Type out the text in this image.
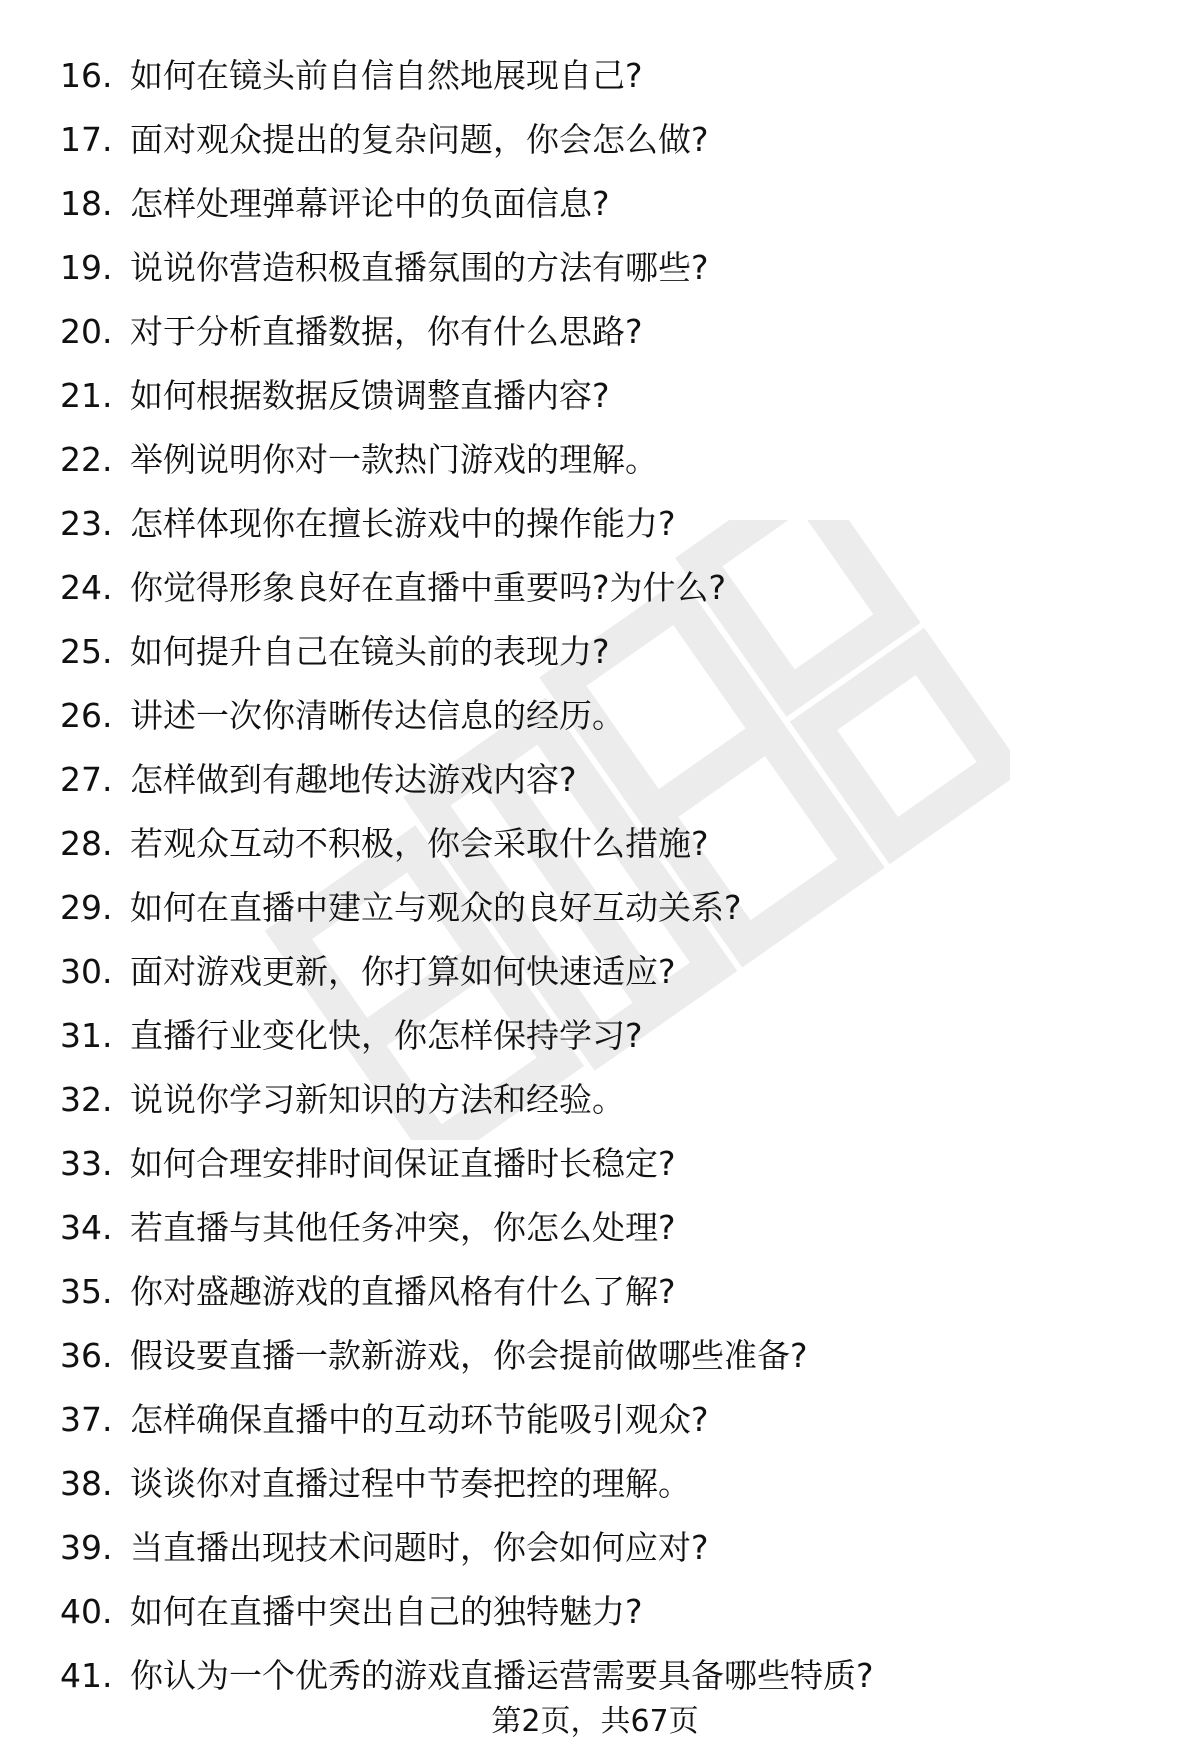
16. 如何在镜头前自信自然地展现自己?
17. 面对观众提出的复杂问题，你会怎么做?
18. 怎样处理弹幕评论中的负面信息?
19. 说说你营造积极直播氛围的方法有哪些?
20. 对于分析直播数据，你有什么思路?
21. 如何根据数据反馈调整直播内容?
22. 举例说明你对一款热门游戏的理解。
23. 怎样体现你在擅长游戏中的操作能力?
24. 你觉得形象良好在直播中重要吗?为什么?
25. 如何提升自己在镜头前的表现力?
26. 讲述一次你清晰传达信息的经历。
27. 怎样做到有趣地传达游戏内容?
28. 若观众互动不积极，你会采取什么措施?
29. 如何在直播中建立与观众的良好互动关系?
30. 面对游戏更新，你打算如何快速适应?
31. 直播行业变化快，你怎样保持学习?
32. 说说你学习新知识的方法和经验。
33. 如何合理安排时间保证直播时长稳定?
34. 若直播与其他任务冲突，你怎么处理?
35. 你对盛趣游戏的直播风格有什么了解?
36. 假设要直播一款新游戏，你会提前做哪些准备?
37. 怎样确保直播中的互动环节能吸引观众?
38. 谈谈你对直播过程中节奏把控的理解。
39. 当直播出现技术问题时，你会如何应对?
40. 如何在直播中突出自己的独特魅力?
41. 你认为一个优秀的游戏直播运营需要具备哪些特质?
第2页，共67页
